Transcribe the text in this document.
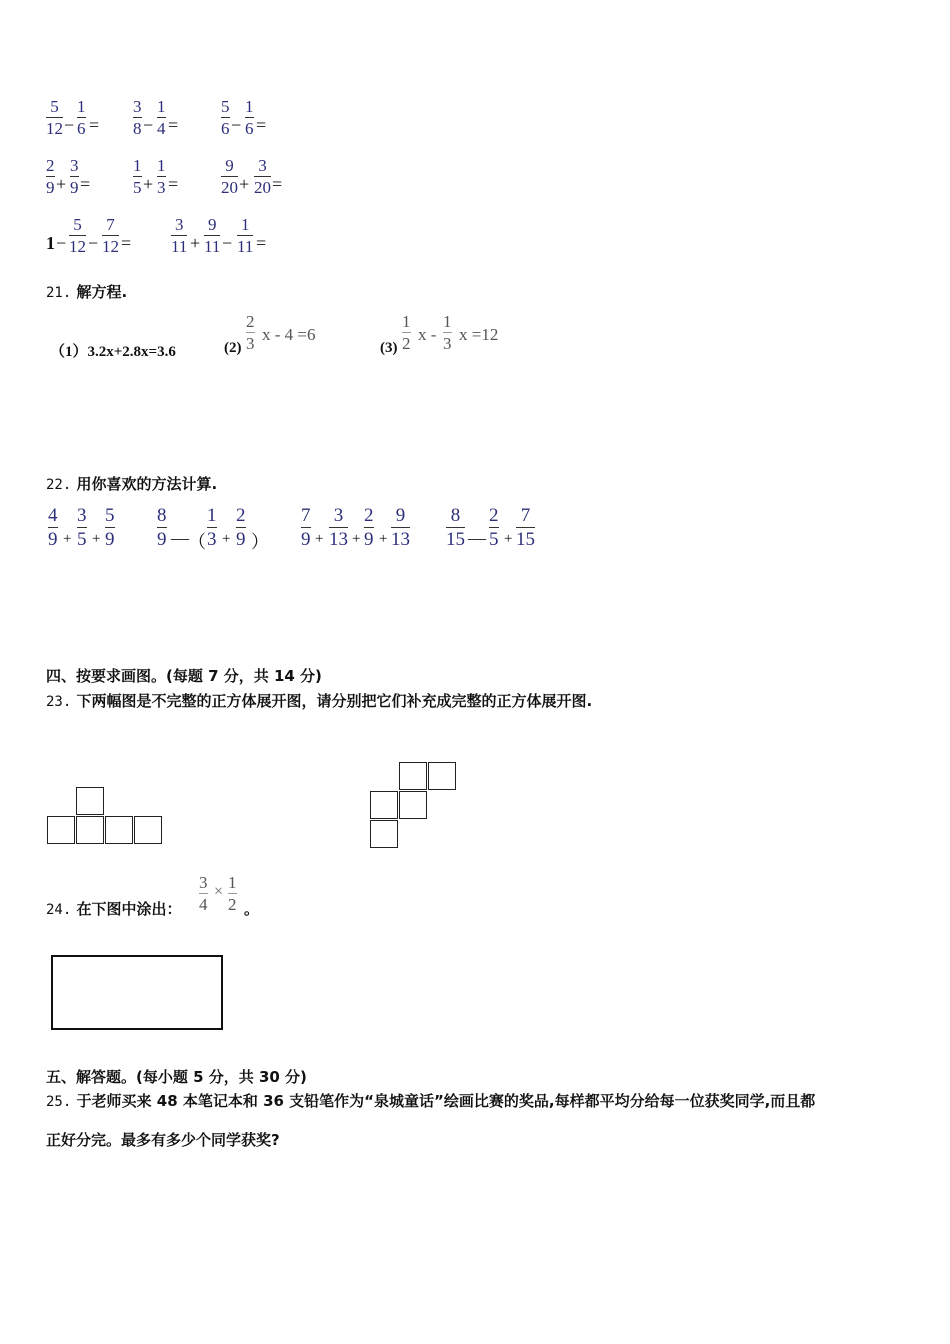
5
12 −
1
6 =
3
8 −
1
4 =
5
6 −
1
6 =
2
9 +
3
9 =
1
5 +
1
3 =
9
20 +
3
20 =
1 −
5
12 −
7
12 =
3
11 +
9
11 −
1
11 =
21. 解方程.
（1）3.2x+2.8x=3.6	(2)
2
3 x - 4 =6
(3)
1
2 x -
1
3 x =12
22. 用你喜欢的方法计算.
4
9 +
3
5 +
5
9
8
9 — （
1
3 +
2
9 ）
7
9 +
3
13 +
2
9 +
9
13
8
15 —
2
5 +
7
15
四、按要求画图。(每题 7 分，共 14 分)
23. 下两幅图是不完整的正方体展开图，请分别把它们补充成完整的正方体展开图.
24. 在下图中涂出：
3
4
× 1
2 。
五、解答题。(每小题 5 分，共 30 分)
25. 于老师买来 48 本笔记本和 36 支铅笔作为“泉城童话”绘画比赛的奖品,每样都平均分给每一位获奖同学,而且都
正好分完。最多有多少个同学获奖?
